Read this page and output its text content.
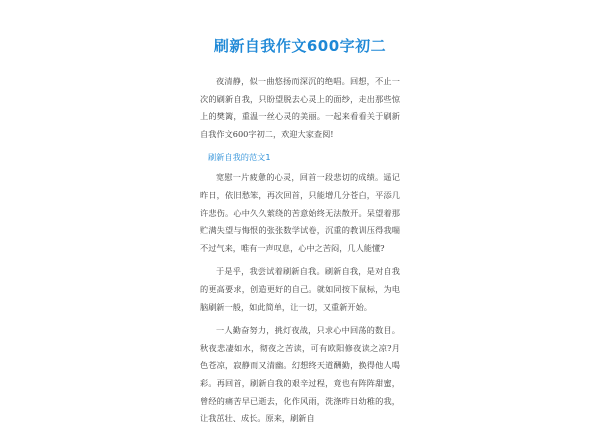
刷新自我作文600字初二

夜清静，似一曲悠扬而深沉的绝唱。回想，不止一次的刷新自我，只盼望脱去心灵上的面纱，走出那些惊上的樊篱，重温一丝心灵的美丽。一起来看看关于刷新自我作文600字初二，欢迎大家查阅!

刷新自我的范文1

宽慰一片疲惫的心灵，回首一段悲切的成绩。遥记昨日，依旧愁笨，再次回首，只能增几分苍白，平添几许悲伤。心中久久萦绕的苦意始终无法散开。呆望着那贮满失望与悔恨的张张数学试卷，沉重的教训压得我喘不过气来，唯有一声叹息，心中之苦闷，几人能懂?

于是乎，我尝试着刷新自我。刷新自我，是对自我的更高要求，创造更好的自己。就如同按下鼠标，为电脑刷新一般，如此简单，让一切，又重新开始。

一人勤奋努力，挑灯夜战，只求心中回荡的数目。秋夜悲凄如水，彻夜之苦读，可有欧阳修夜读之凉?月色苍凉，寂静而又清幽。幻想终天道酬勤，换得他人喝彩。再回首，刷新自我的艰辛过程，竟也有阵阵甜蜜，曾经的痛苦早已逝去，化作风雨，洗涤昨日幼稚的我，让我茁壮、成长。原来，刷新自
